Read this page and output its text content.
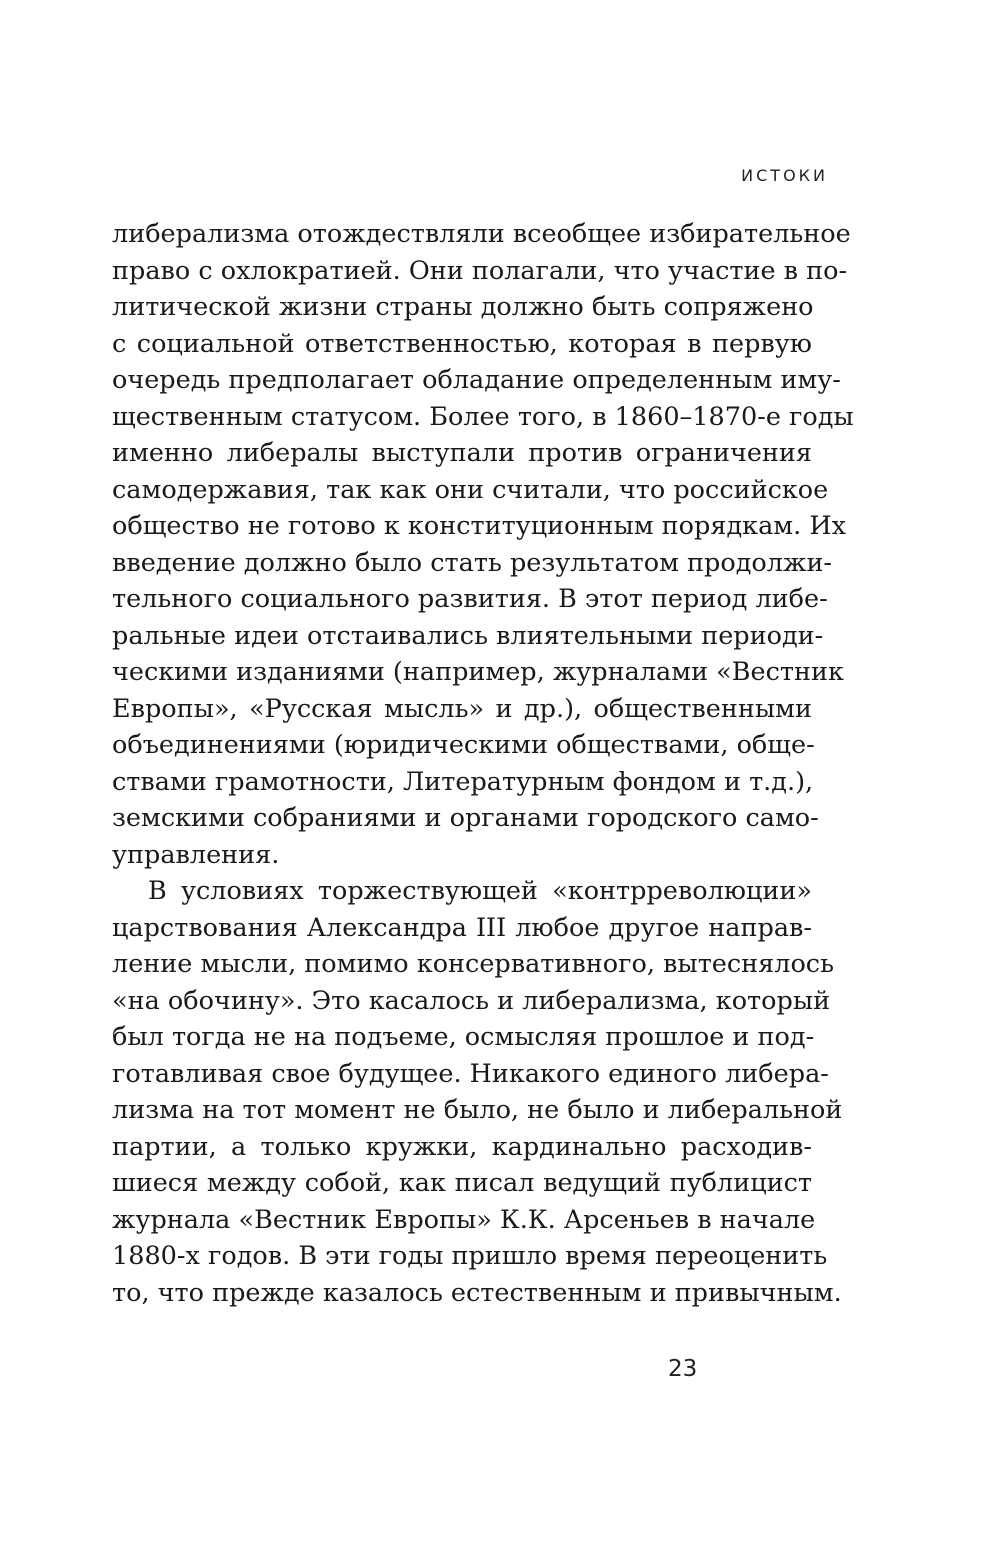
ИСТОКИ
либерализма отождествляли всеобщее избирательное
право с охлократией. Они полагали, что участие в по-
литической жизни страны должно быть сопряжено
с социальной ответственностью, которая в первую
очередь предполагает обладание определенным иму-
щественным статусом. Более того, в 1860–1870-е годы
именно либералы выступали против ограничения
самодержавия, так как они считали, что российское
общество не готово к конституционным порядкам. Их
введение должно было стать результатом продолжи-
тельного социального развития. В этот период либе-
ральные идеи отстаивались влиятельными периоди-
ческими изданиями (например, журналами «Вестник
Европы», «Русская мысль» и др.), общественными
объединениями (юридическими обществами, обще-
ствами грамотности, Литературным фондом и т.д.),
земскими собраниями и органами городского само-
управления.
В условиях торжествующей «контрреволюции»
царствования Александра III любое другое направ-
ление мысли, помимо консервативного, вытеснялось
«на обочину». Это касалось и либерализма, который
был тогда не на подъеме, осмысляя прошлое и под-
готавливая свое будущее. Никакого единого либера-
лизма на тот момент не было, не было и либеральной
партии, а только кружки, кардинально расходив-
шиеся между собой, как писал ведущий публицист
журнала «Вестник Европы» К.К. Арсеньев в начале
1880-х годов. В эти годы пришло время переоценить
то, что прежде казалось естественным и привычным.
23
